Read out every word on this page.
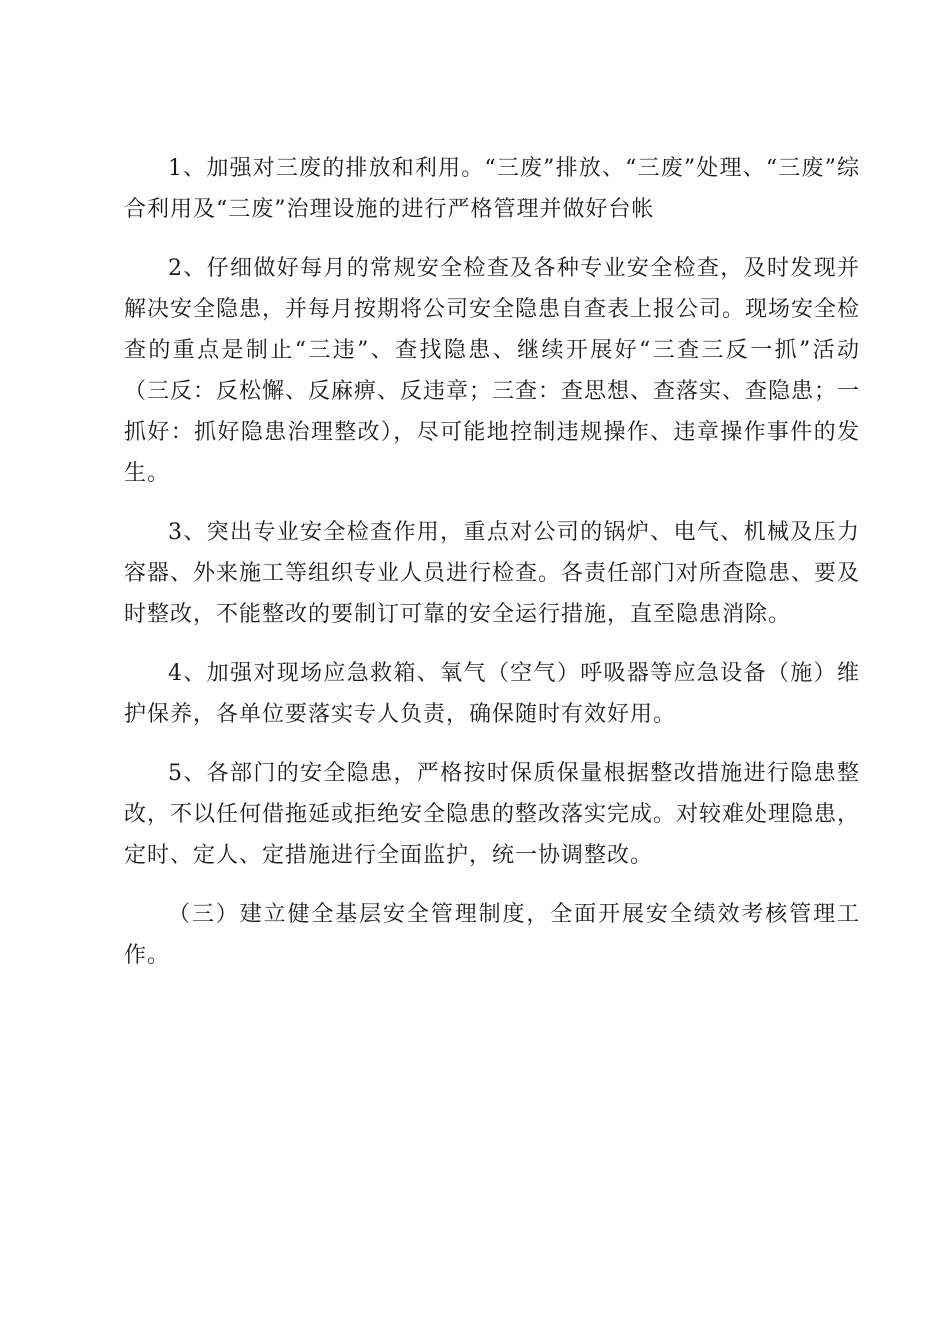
1、加强对三废的排放和利用。“三废”排放、“三废”处理、“三废”综合利用及“三废”治理设施的进行严格管理并做好台帐

2、仔细做好每月的常规安全检查及各种专业安全检查，及时发现并解决安全隐患，并每月按期将公司安全隐患自查表上报公司。现场安全检查的重点是制止“三违”、查找隐患、继续开展好“三查三反一抓”活动（三反：反松懈、反麻痹、反违章；三查：查思想、查落实、查隐患；一抓好：抓好隐患治理整改），尽可能地控制违规操作、违章操作事件的发生。

3、突出专业安全检查作用，重点对公司的锅炉、电气、机械及压力容器、外来施工等组织专业人员进行检查。各责任部门对所查隐患、要及时整改，不能整改的要制订可靠的安全运行措施，直至隐患消除。

4、加强对现场应急救箱、氧气（空气）呼吸器等应急设备（施）维护保养，各单位要落实专人负责，确保随时有效好用。

5、各部门的安全隐患，严格按时保质保量根据整改措施进行隐患整改，不以任何借拖延或拒绝安全隐患的整改落实完成。对较难处理隐患，定时、定人、定措施进行全面监护，统一协调整改。

（三）建立健全基层安全管理制度，全面开展安全绩效考核管理工作。
